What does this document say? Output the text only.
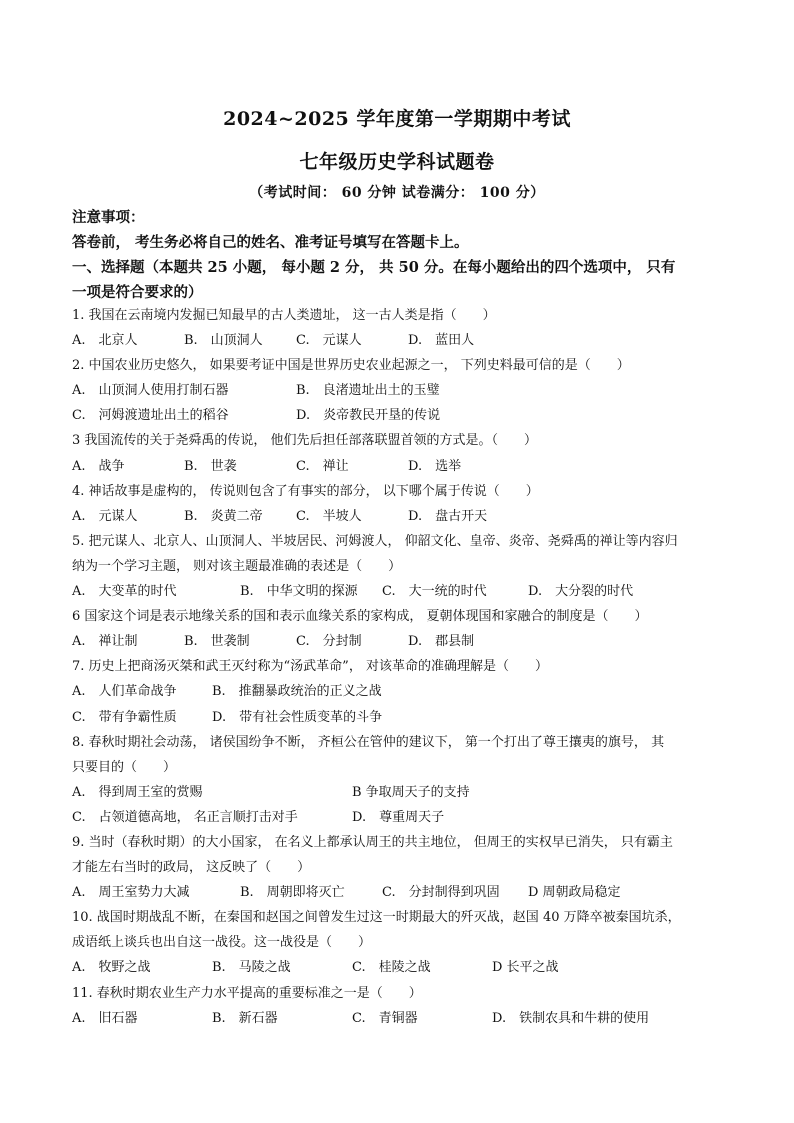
2024~2025 学年度第一学期期中考试
七年级历史学科试题卷
（考试时间： 60 分钟 试卷满分： 100 分）
注意事项：
答卷前， 考生务必将自己的姓名、准考证号填写在答题卡上。
一、选择题（本题共 25 小题， 每小题 2 分， 共 50 分。在每小题给出的四个选项中， 只有
一项是符合要求的）
1. 我国在云南境内发掘已知最早的古人类遗址， 这一古人类是指（　　）
A.　北京人	B.　山顶洞人	C.　元谋人	D.　蓝田人
2. 中国农业历史悠久， 如果要考证中国是世界历史农业起源之一， 下列史料最可信的是（　　）
A.　山顶洞人使用打制石器	B.　良渚遗址出土的玉璧
C.　河姆渡遗址出土的稻谷	D.　炎帝教民开垦的传说
3 我国流传的关于尧舜禹的传说， 他们先后担任部落联盟首领的方式是。（　　）
A.　战争	B.　世袭	C.　禅让	D.　选举
4. 神话故事是虚构的， 传说则包含了有事实的部分， 以下哪个属于传说（　　）
A.　元谋人	B.　炎黄二帝	C.　半坡人	D.　盘古开天
5. 把元谋人、北京人、山顶洞人、半坡居民、河姆渡人， 仰韶文化、皇帝、炎帝、尧舜禹的禅让等内容归
纳为一个学习主题， 则对该主题最准确的表述是（　　）
A.　大变革的时代	B.　中华文明的探源	C.　大一统的时代	D.　大分裂的时代
6 国家这个词是表示地缘关系的国和表示血缘关系的家构成， 夏朝体现国和家融合的制度是（　　）
A.　禅让制	B.　世袭制	C.　分封制	D.　郡县制
7. 历史上把商汤灭桀和武王灭纣称为“汤武革命”， 对该革命的准确理解是（　　）
A.　人们革命战争	B.　推翻暴政统治的正义之战
C.　带有争霸性质	D.　带有社会性质变革的斗争
8. 春秋时期社会动荡， 诸侯国纷争不断， 齐桓公在管仲的建议下， 第一个打出了尊王攘夷的旗号， 其
只要目的（　　）
A.　得到周王室的赏赐	B 争取周天子的支持
C.　占领道德高地， 名正言顺打击对手	D.　尊重周天子
9. 当时（春秋时期）的大小国家， 在名义上都承认周王的共主地位， 但周王的实权早已消失， 只有霸主
才能左右当时的政局， 这反映了（　　）
A.　周王室势力大减	B.　周朝即将灭亡	C.　分封制得到巩固	D 周朝政局稳定
10. 战国时期战乱不断，在秦国和赵国之间曾发生过这一时期最大的歼灭战，赵国 40 万降卒被秦国坑杀，
成语纸上谈兵也出自这一战役。这一战役是（　　）
A.　牧野之战	B.　马陵之战	C.　桂陵之战	D 长平之战
11. 春秋时期农业生产力水平提高的重要标准之一是（　　）
A.　旧石器	B.　新石器	C.　青铜器	D.　铁制农具和牛耕的使用
